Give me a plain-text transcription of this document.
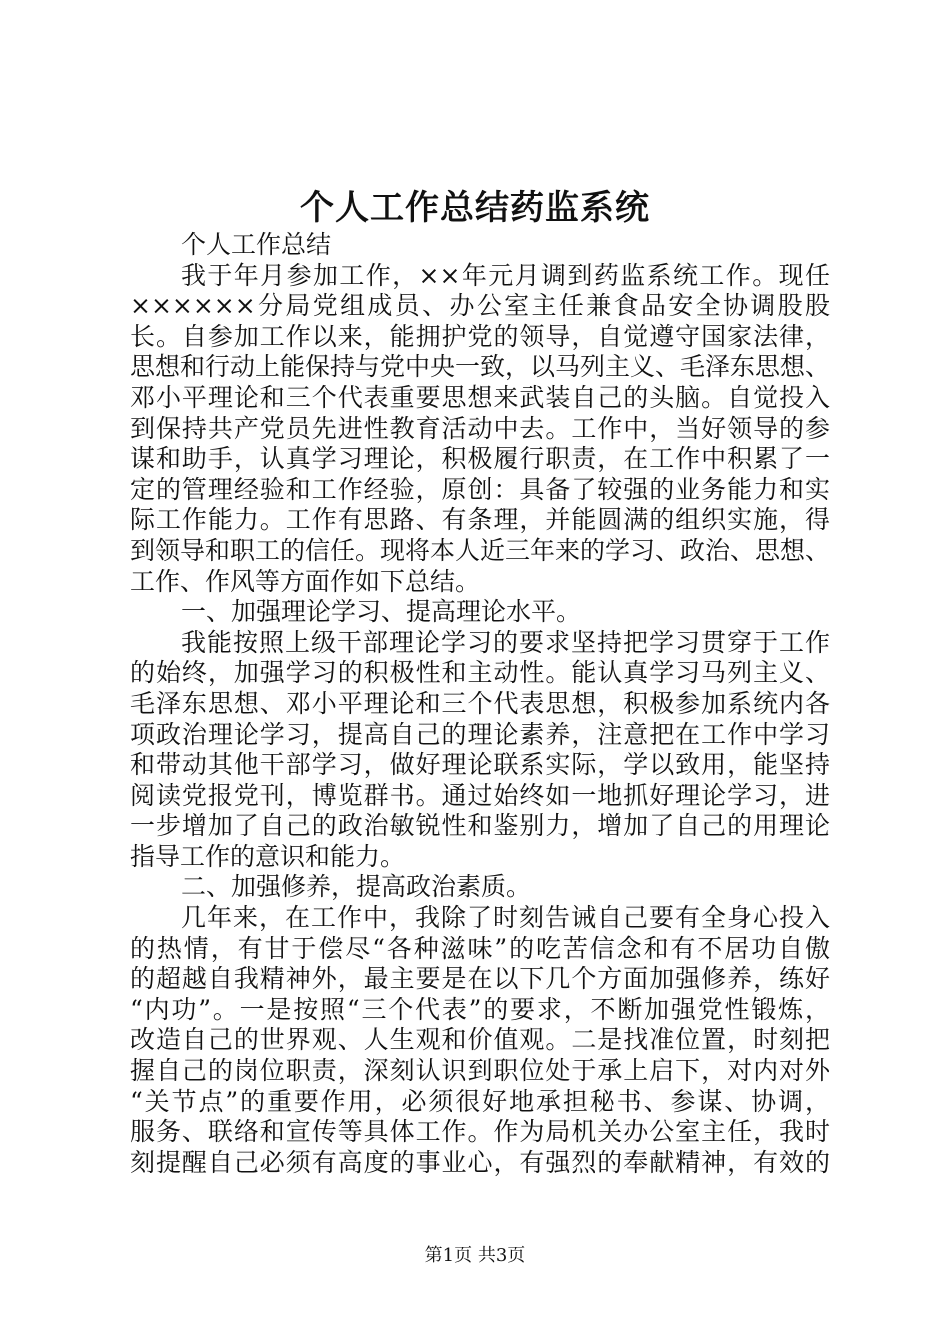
个人工作总结药监系统
个人工作总结
我于年月参加工作，××年元月调到药监系统工作。现任
××××××分局党组成员、办公室主任兼食品安全协调股股
长。自参加工作以来，能拥护党的领导，自觉遵守国家法律，
思想和行动上能保持与党中央一致，以马列主义、毛泽东思想、
邓小平理论和三个代表重要思想来武装自己的头脑。自觉投入
到保持共产党员先进性教育活动中去。工作中，当好领导的参
谋和助手，认真学习理论，积极履行职责，在工作中积累了一
定的管理经验和工作经验，原创：具备了较强的业务能力和实
际工作能力。工作有思路、有条理，并能圆满的组织实施，得
到领导和职工的信任。现将本人近三年来的学习、政治、思想、
工作、作风等方面作如下总结。
一、加强理论学习、提高理论水平。
我能按照上级干部理论学习的要求坚持把学习贯穿于工作
的始终，加强学习的积极性和主动性。能认真学习马列主义、
毛泽东思想、邓小平理论和三个代表思想，积极参加系统内各
项政治理论学习，提高自己的理论素养，注意把在工作中学习
和带动其他干部学习，做好理论联系实际，学以致用，能坚持
阅读党报党刊，博览群书。通过始终如一地抓好理论学习，进
一步增加了自己的政治敏锐性和鉴别力，增加了自己的用理论
指导工作的意识和能力。
二、加强修养，提高政治素质。
几年来，在工作中，我除了时刻告诫自己要有全身心投入
的热情，有甘于偿尽“各种滋味”的吃苦信念和有不居功自傲
的超越自我精神外，最主要是在以下几个方面加强修养，练好
“内功”。一是按照“三个代表”的要求，不断加强党性锻炼，
改造自己的世界观、人生观和价值观。二是找准位置，时刻把
握自己的岗位职责，深刻认识到职位处于承上启下，对内对外
“关节点”的重要作用，必须很好地承担秘书、参谋、协调，
服务、联络和宣传等具体工作。作为局机关办公室主任，我时
刻提醒自己必须有高度的事业心，有强烈的奉献精神，有效的
第1页 共3页
